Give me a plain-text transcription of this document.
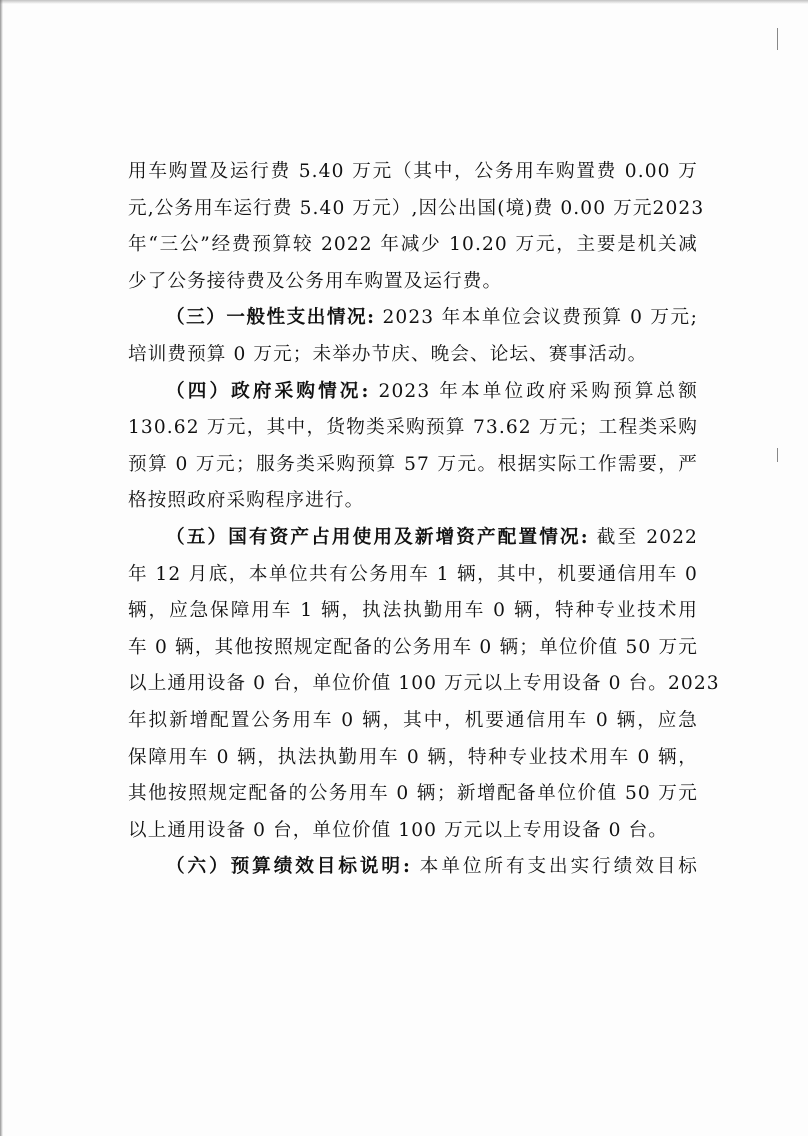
用车购置及运行费 5.40 万元（其中，公务用车购置费 0.00 万
元,公务用车运行费 5.40 万元）,因公出国(境)费 0.00 万元2023
年“三公”经费预算较 2022 年减少 10.20 万元，主要是机关减
少了公务接待费及公务用车购置及运行费。
（三）一般性支出情况: 2023 年本单位会议费预算 0 万元;
培训费预算 0 万元；未举办节庆、晚会、论坛、赛事活动。
（四）政府采购情况: 2023 年本单位政府采购预算总额
130.62 万元，其中，货物类采购预算 73.62 万元；工程类采购
预算 0 万元；服务类采购预算 57 万元。根据实际工作需要，严
格按照政府采购程序进行。
（五）国有资产占用使用及新增资产配置情况: 截至 2022
年 12 月底，本单位共有公务用车 1 辆，其中，机要通信用车 0
辆，应急保障用车 1 辆，执法执勤用车 0 辆，特种专业技术用
车 0 辆，其他按照规定配备的公务用车 0 辆；单位价值 50 万元
以上通用设备 0 台，单位价值 100 万元以上专用设备 0 台。2023
年拟新增配置公务用车 0 辆，其中，机要通信用车 0 辆，应急
保障用车 0 辆，执法执勤用车 0 辆，特种专业技术用车 0 辆，
其他按照规定配备的公务用车 0 辆；新增配备单位价值 50 万元
以上通用设备 0 台，单位价值 100 万元以上专用设备 0 台。
（六）预算绩效目标说明: 本单位所有支出实行绩效目标
